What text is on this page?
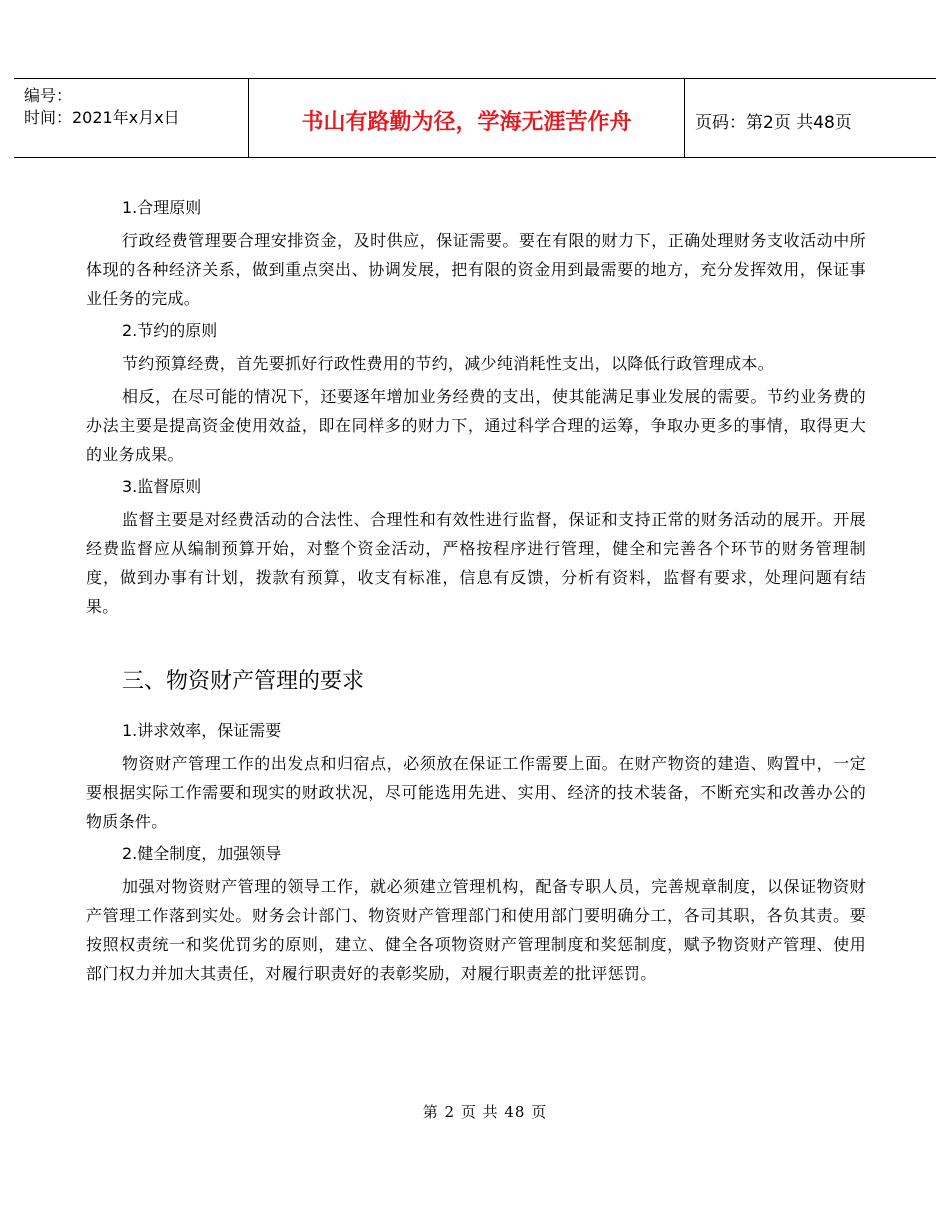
编号：
时间：2021年x月x日	书山有路勤为径，学海无涯苦作舟	页码：第2页 共48页
1.合理原则

行政经费管理要合理安排资金，及时供应，保证需要。要在有限的财力下，正确处理财务支收活动中所体现的各种经济关系，做到重点突出、协调发展，把有限的资金用到最需要的地方，充分发挥效用，保证事业任务的完成。

2.节约的原则

节约预算经费，首先要抓好行政性费用的节约，减少纯消耗性支出，以降低行政管理成本。

相反，在尽可能的情况下，还要逐年增加业务经费的支出，使其能满足事业发展的需要。节约业务费的办法主要是提高资金使用效益，即在同样多的财力下，通过科学合理的运筹，争取办更多的事情，取得更大的业务成果。

3.监督原则

监督主要是对经费活动的合法性、合理性和有效性进行监督，保证和支持正常的财务活动的展开。开展经费监督应从编制预算开始，对整个资金活动，严格按程序进行管理，健全和完善各个环节的财务管理制度，做到办事有计划，拨款有预算，收支有标准，信息有反馈，分析有资料，监督有要求，处理问题有结果。

三、物资财产管理的要求
1.讲求效率，保证需要

物资财产管理工作的出发点和归宿点，必须放在保证工作需要上面。在财产物资的建造、购置中，一定要根据实际工作需要和现实的财政状况，尽可能选用先进、实用、经济的技术装备，不断充实和改善办公的物质条件。

2.健全制度，加强领导

加强对物资财产管理的领导工作，就必须建立管理机构，配备专职人员，完善规章制度，以保证物资财产管理工作落到实处。财务会计部门、物资财产管理部门和使用部门要明确分工，各司其职，各负其责。要按照权责统一和奖优罚劣的原则，建立、健全各项物资财产管理制度和奖惩制度，赋予物资财产管理、使用部门权力并加大其责任，对履行职责好的表彰奖励，对履行职责差的批评惩罚。

第 2 页 共 48 页
